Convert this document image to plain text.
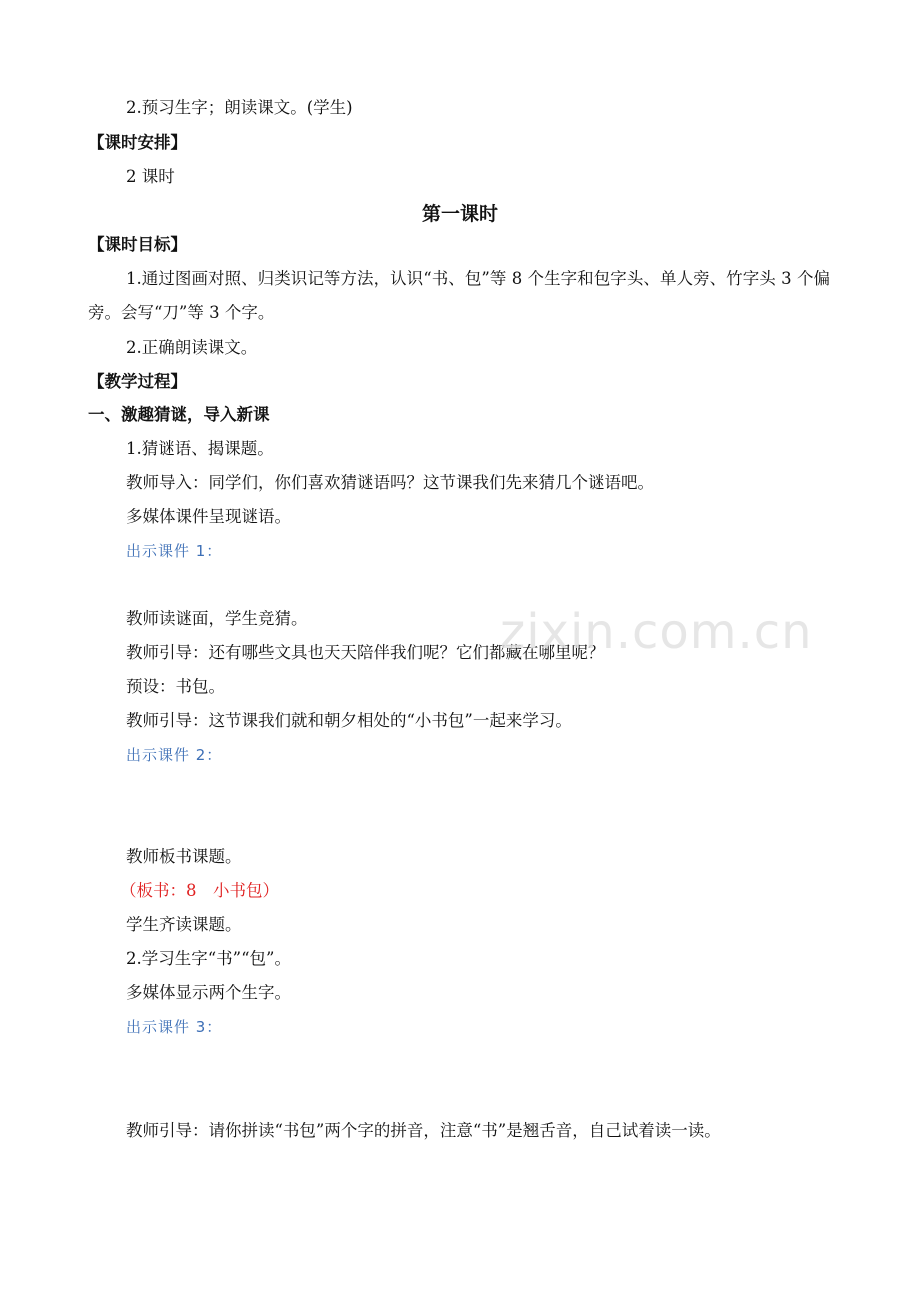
2.预习生字；朗读课文。(学生)
【课时安排】
2 课时
第一课时
【课时目标】
1.通过图画对照、归类识记等方法，认识“书、包”等 8 个生字和包字头、单人旁、竹字头 3 个偏旁。会写“刀”等 3 个字。
2.正确朗读课文。
【教学过程】
一、激趣猜谜，导入新课
1.猜谜语、揭课题。
教师导入：同学们，你们喜欢猜谜语吗？这节课我们先来猜几个谜语吧。
多媒体课件呈现谜语。
出示课件 1：
教师读谜面，学生竞猜。
教师引导：还有哪些文具也天天陪伴我们呢？它们都藏在哪里呢？
预设：书包。
教师引导：这节课我们就和朝夕相处的“小书包”一起来学习。
出示课件 2：
教师板书课题。
（板书：8　小书包）
学生齐读课题。
2.学习生字“书”“包”。
多媒体显示两个生字。
出示课件 3：
教师引导：请你拼读“书包”两个字的拼音，注意“书”是翘舌音，自己试着读一读。
zixin.com.cn
